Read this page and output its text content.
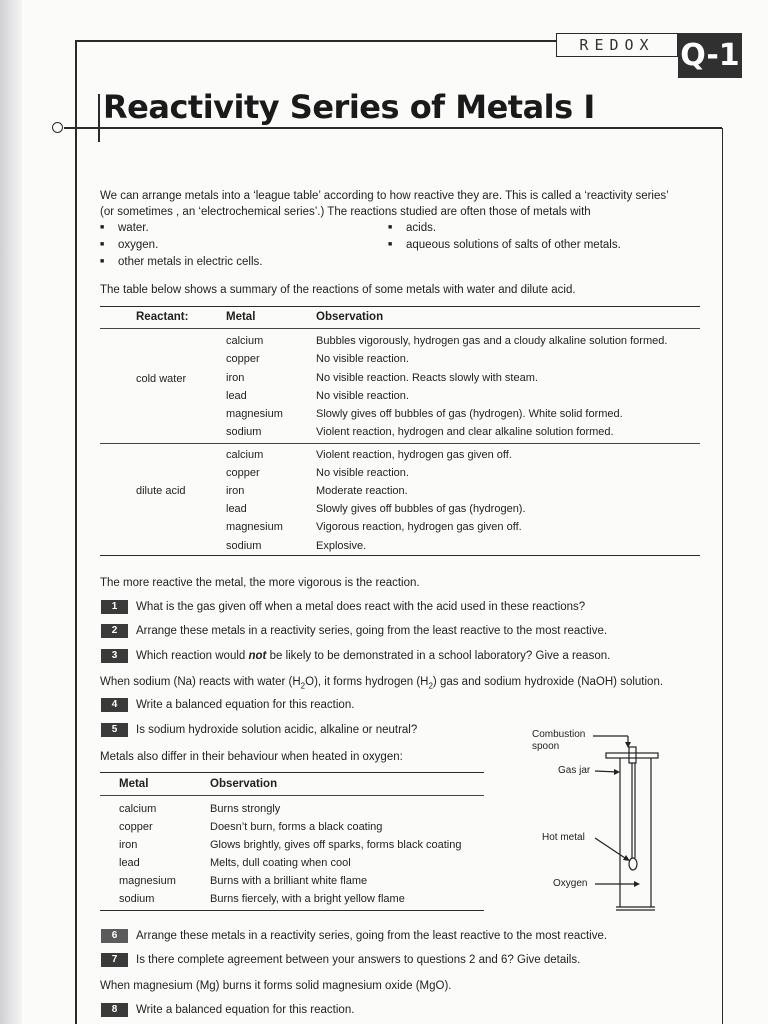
REDOX Q-1
Reactivity Series of Metals I
We can arrange metals into a ‘league table’ according to how reactive they are. This is called a ‘reactivity series’
(or sometimes , an ‘electrochemical series’.) The reactions studied are often those of metals with
■ water.	■ acids.
■ oxygen.	■ aqueous solutions of salts of other metals.
■ other metals in electric cells.
The table below shows a summary of the reactions of some metals with water and dilute acid.
Reactant:	Metal	Observation
cold water
calcium	Bubbles vigorously, hydrogen gas and a cloudy alkaline solution formed.
copper	No visible reaction.
iron	No visible reaction. Reacts slowly with steam.
lead	No visible reaction.
magnesium	Slowly gives off bubbles of gas (hydrogen). White solid formed.
sodium	Violent reaction, hydrogen and clear alkaline solution formed.
dilute acid
calcium	Violent reaction, hydrogen gas given off.
copper	No visible reaction.
iron	Moderate reaction.
lead	Slowly gives off bubbles of gas (hydrogen).
magnesium	Vigorous reaction, hydrogen gas given off.
sodium	Explosive.
The more reactive the metal, the more vigorous is the reaction.
1	What is the gas given off when a metal does react with the acid used in these reactions?
2	Arrange these metals in a reactivity series, going from the least reactive to the most reactive.
3	Which reaction would not be likely to be demonstrated in a school laboratory? Give a reason.
When sodium (Na) reacts with water $(H_2O)$, it forms hydrogen $(H_2)$ gas and sodium hydroxide (NaOH) solution.
4	Write a balanced equation for this reaction.
5	Is sodium hydroxide solution acidic, alkaline or neutral?
Metals also differ in their behaviour when heated in oxygen:
Metal	Observation
calcium	Burns strongly
copper	Doesn’t burn, forms a black coating
iron	Glows brightly, gives off sparks, forms black coating
lead	Melts, dull coating when cool
magnesium	Burns with a brilliant white flame
sodium	Burns fiercely, with a bright yellow flame
Combustion
spoon
Gas jar
Hot metal
Oxygen
6	Arrange these metals in a reactivity series, going from the least reactive to the most reactive.
7	Is there complete agreement between your answers to questions 2 and 6? Give details.
When magnesium (Mg) burns it forms solid magnesium oxide (MgO).
8	Write a balanced equation for this reaction.
